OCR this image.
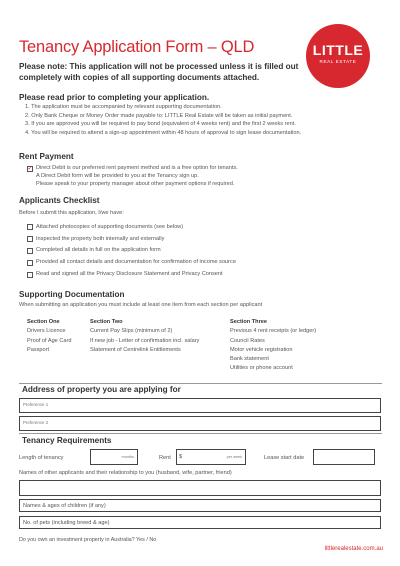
Tenancy Application Form – QLD	LITTLE
REAL ESTATE
Please note: This application will not be processed unless it is filled out completely with copies of all supporting documents attached.
Please read prior to completing your application.
1. The application must be accompanied by relevant supporting documentation.
2. Only Bank Cheque or Money Order made payable to: LITTLE Real Estate will be taken as initial payment.
3. If you are approved you will be required to pay bond (equivalent of 4 weeks rent) and the first 2 weeks rent.
4. You will be required to attend a sign-up appointment within 48 hours of approval to sign lease documentation.
Rent Payment
✓
Direct Debit is our preferred rent payment method and is a free option for tenants.
A Direct Debit form will be provided to you at the Tenancy sign up.
Please speak to your property manager about other payment options if required.
Applicants Checklist
Before I submit this application, I/we have:
Attached photocopies of supporting documents (see below)
Inspected the property both internally and externally
Completed all details in full on the application form
Provided all contact details and documentation for confirmation of income source
Read and signed all the Privacy Disclosure Statement and Privacy Consent
Supporting Documentation
When submitting an application you must include at least one item from each section per applicant
Section One
Drivers Licence
Proof of Age Card
Passport
Section Two
Current Pay Slips (minimum of 2)
If new job - Letter of confirmation incl. salary
Statement of Centrelink Entitlements
Section Three
Previous 4 rent receipts (or ledger)
Council Rates
Motor vehicle registration
Bank statement
Utilities or phone account
Address of property you are applying for
Preference 1
Preference 2
Tenancy Requirements
Length of tenancy	months	Rent $	per week	Lease start date
Names of other applicants and their relationship to you (husband, wife, partner, friend)
Names & ages of children (if any)
No. of pets (including breed & age)
Do you own an investment property in Australia? Yes / No
littlerealestate.com.au
